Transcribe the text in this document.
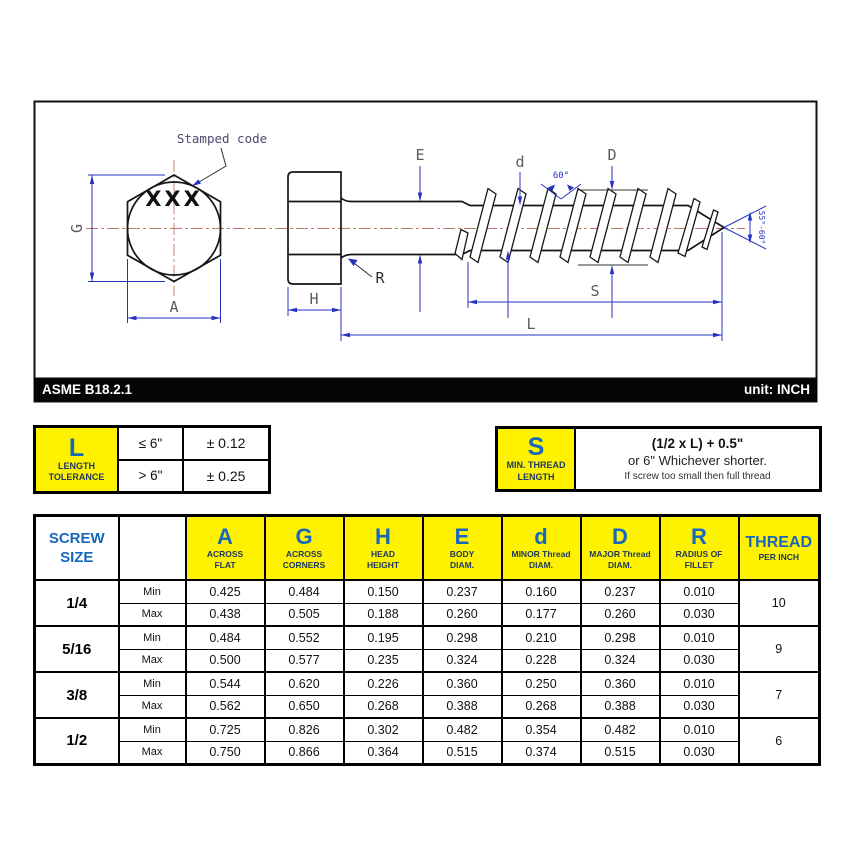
XXX
Stamped code
G
A
E	d	D
60°
R
55°-60°
S
L
H
ASME B18.2.1	unit: INCH
L
LENGTH
TOLERANCE
≤ 6"	± 0.12
> 6"	± 0.25
S
MIN. THREAD
LENGTH
(1/2 x L) + 0.5"
or 6" Whichever shorter.
If screw too small then full thread
SCREW
SIZE

A
ACROSS
FLAT

G
ACROSS
CORNERS

H
HEAD
HEIGHT

E
BODY
DIAM.

d
MINOR Thread
DIAM.

D
MAJOR Thread
DIAM.

R
RADIUS OF
FILLET

THREAD
PER INCH

1/4	Min	0.425	0.484	0.150	0.237	0.160	0.237	0.010	10
	Max	0.438	0.505	0.188	0.260	0.177	0.260	0.030	
5/16	Min	0.484	0.552	0.195	0.298	0.210	0.298	0.010	9
	Max	0.500	0.577	0.235	0.324	0.228	0.324	0.030	
3/8	Min	0.544	0.620	0.226	0.360	0.250	0.360	0.010	7
	Max	0.562	0.650	0.268	0.388	0.268	0.388	0.030	
1/2	Min	0.725	0.826	0.302	0.482	0.354	0.482	0.010	6
	Max	0.750	0.866	0.364	0.515	0.374	0.515	0.030	
